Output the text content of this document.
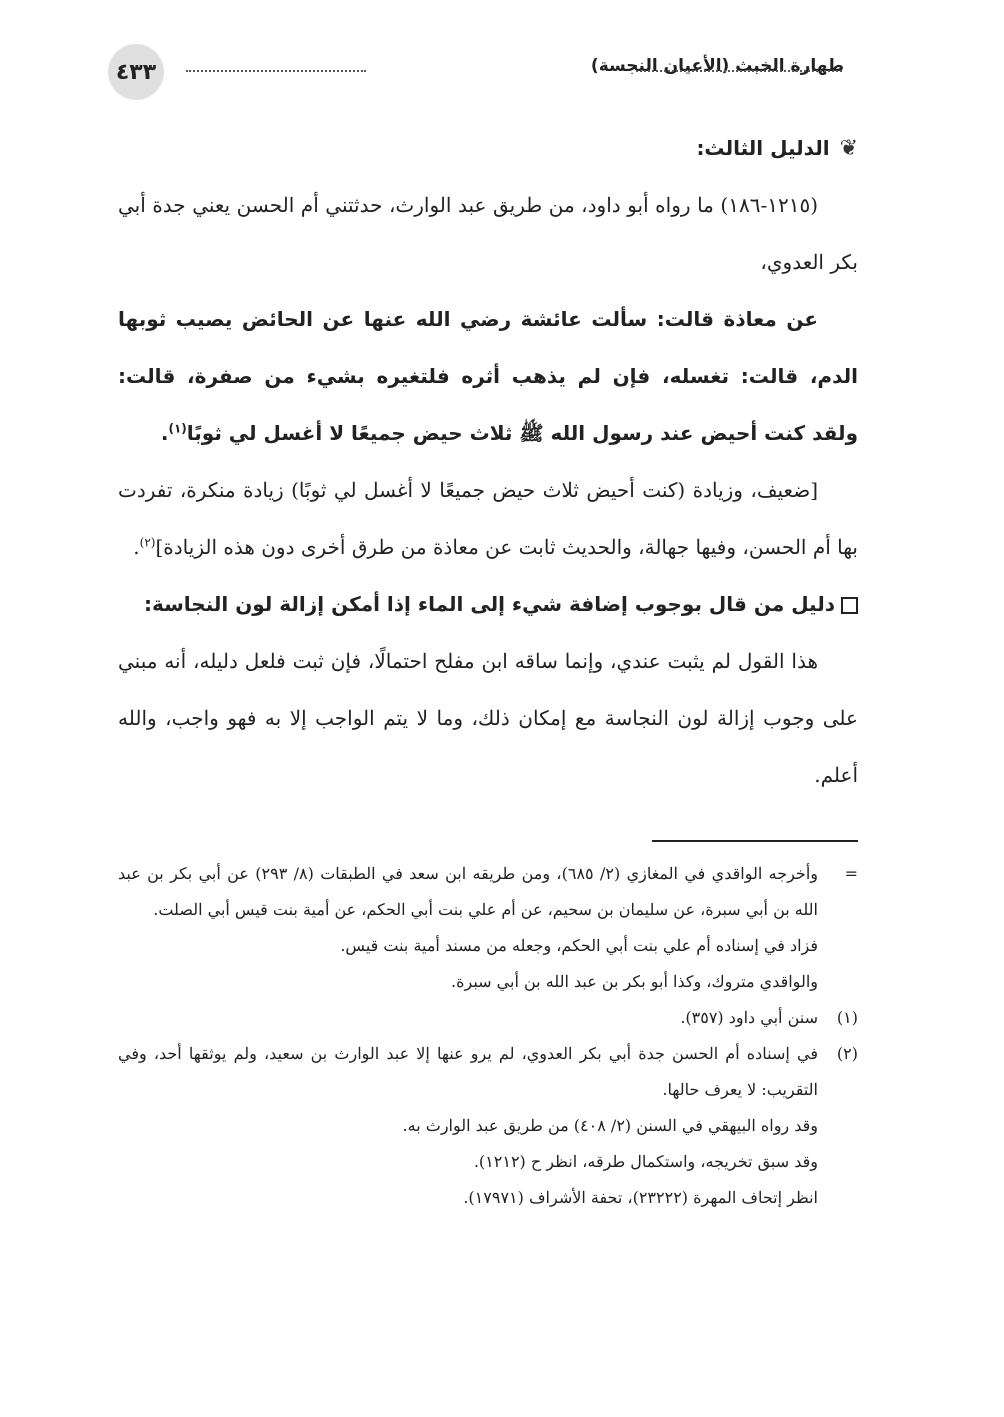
٤٣٣	طهارة الخبث (الأعيان النجسة)

❦
الدليل الثالث:

(١٢١٥-١٨٦) ما رواه أبو داود، من طريق عبد الوارث، حدثتني أم الحسن يعني جدة أبي بكر العدوي،

عن معاذة قالت: سألت عائشة رضي الله عنها عن الحائض يصيب ثوبها الدم، قالت: تغسله، فإن لم يذهب أثره فلتغيره بشيء من صفرة، قالت: ولقد كنت أحيض عند رسول الله ﷺ ثلاث حيض جميعًا لا أغسل لي ثوبًا$^{(١)}$.

[ضعيف، وزيادة (كنت أحيض ثلاث حيض جميعًا لا أغسل لي ثوبًا) زيادة منكرة، تفردت بها أم الحسن، وفيها جهالة، والحديث ثابت عن معاذة من طرق أخرى دون هذه الزيادة]$^{(٢)}$.

دليل من قال بوجوب إضافة شيء إلى الماء إذا أمكن إزالة لون النجاسة:

هذا القول لم يثبت عندي، وإنما ساقه ابن مفلح احتمالًا، فإن ثبت فلعل دليله، أنه مبني على وجوب إزالة لون النجاسة مع إمكان ذلك، وما لا يتم الواجب إلا به فهو واجب، والله أعلم.

=
وأخرجه الواقدي في المغازي (٢/ ٦٨٥)، ومن طريقه ابن سعد في الطبقات (٨/ ٢٩٣) عن أبي بكر بن عبد الله بن أبي سبرة، عن سليمان بن سحيم، عن أم علي بنت أبي الحكم، عن أمية بنت قيس أبي الصلت.
فزاد في إسناده أم علي بنت أبي الحكم، وجعله من مسند أمية بنت قيس.
والواقدي متروك، وكذا أبو بكر بن عبد الله بن أبي سبرة.
(١)
سنن أبي داود (٣٥٧).
(٢)
في إسناده أم الحسن جدة أبي بكر العدوي، لم يرو عنها إلا عبد الوارث بن سعيد، ولم يوثقها أحد، وفي التقريب: لا يعرف حالها.
وقد رواه البيهقي في السنن (٢/ ٤٠٨) من طريق عبد الوارث به.
وقد سبق تخريجه، واستكمال طرقه، انظر ح (١٢١٢).
انظر إتحاف المهرة (٢٣٢٢٢)، تحفة الأشراف (١٧٩٧١).
